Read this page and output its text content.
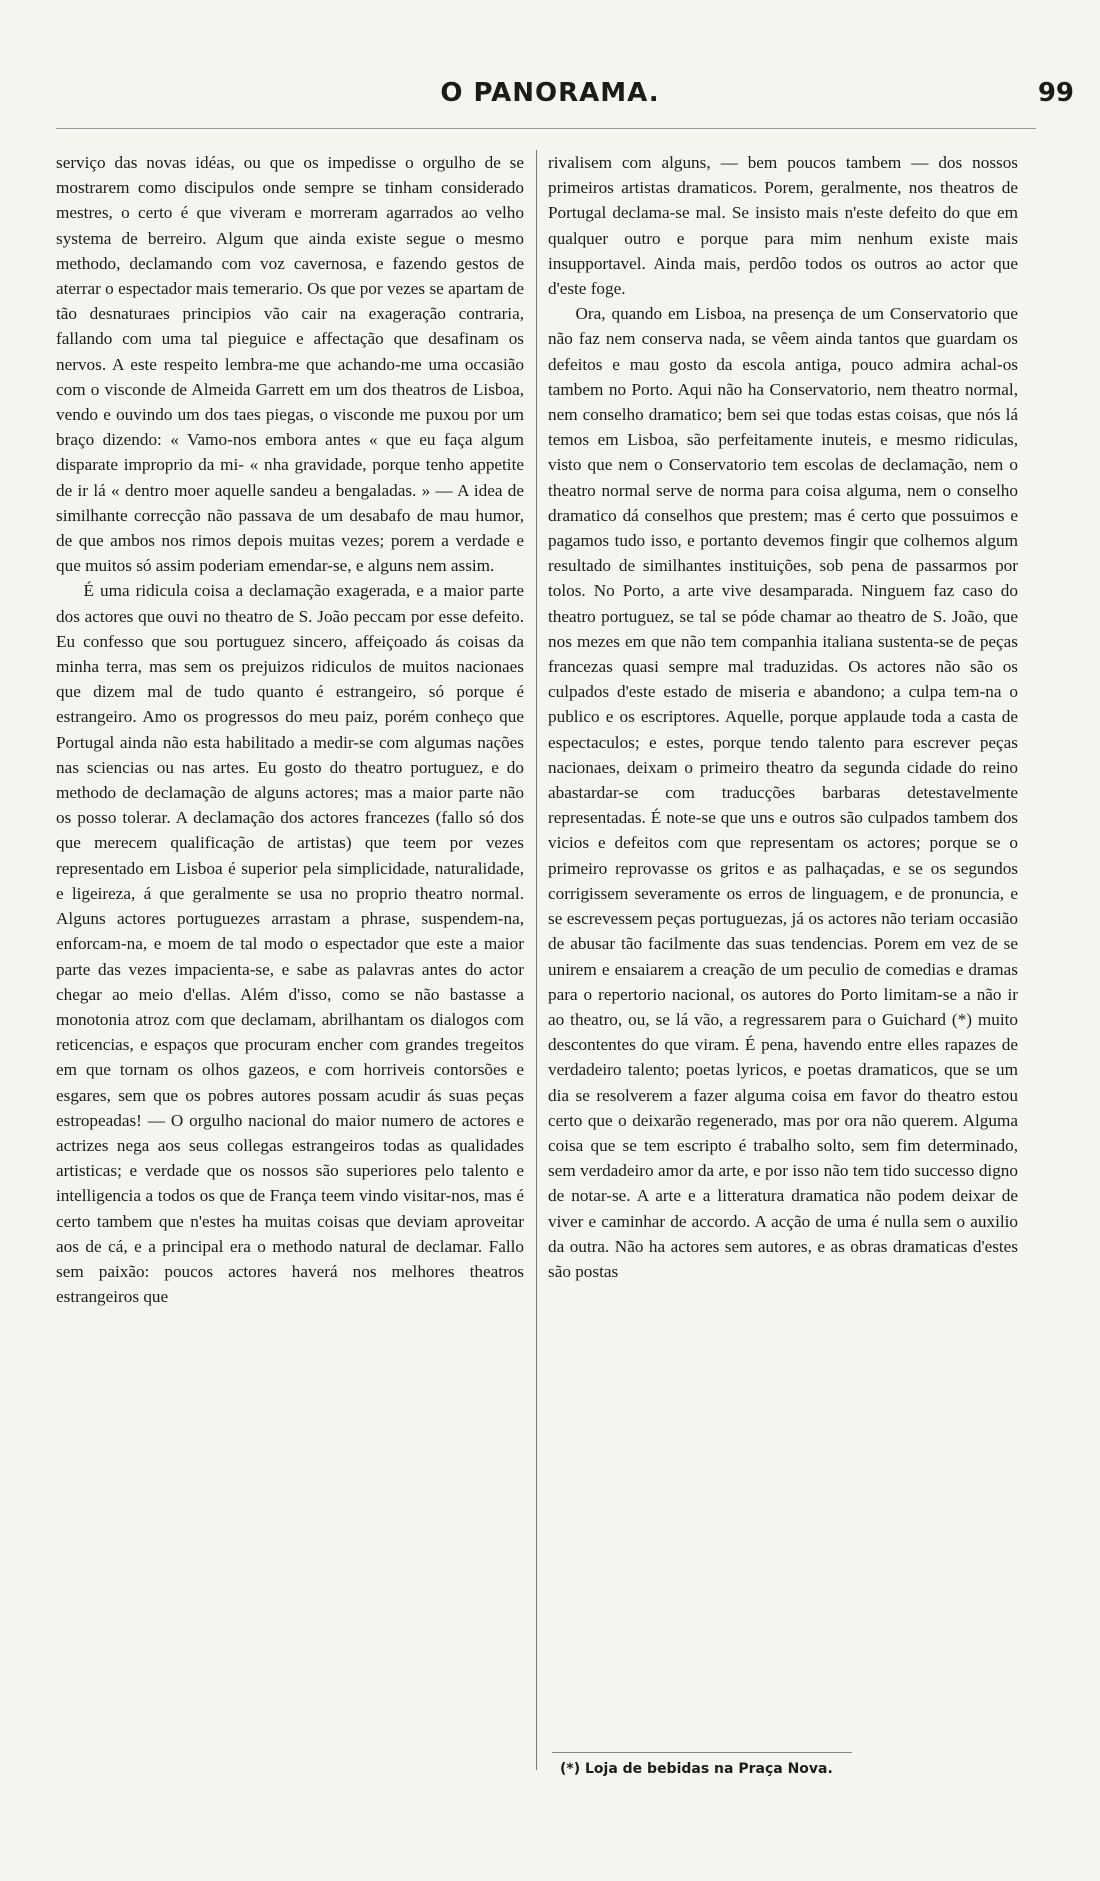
O PANORAMA.	99

serviço das novas idéas, ou que os impedisse o orgulho de se mostrarem como discipulos onde sempre se tinham considerado mestres, o certo é que viveram e morreram agarrados ao velho systema de berreiro. Algum que ainda existe segue o mesmo methodo, declamando com voz cavernosa, e fazendo gestos de aterrar o espectador mais temerario. Os que por vezes se apartam de tão desnaturaes principios vão cair na exageração contraria, fallando com uma tal pieguice e affectação que desafinam os nervos. A este respeito lembra-me que achando-me uma occasião com o visconde de Almeida Garrett em um dos theatros de Lisboa, vendo e ouvindo um dos taes piegas, o visconde me puxou por um braço dizendo: « Vamo-nos embora antes « que eu faça algum disparate improprio da mi- « nha gravidade, porque tenho appetite de ir lá « dentro moer aquelle sandeu a bengaladas. » — A idea de similhante correcção não passava de um desabafo de mau humor, de que ambos nos rimos depois muitas vezes; porem a verdade e que muitos só assim poderiam emendar-se, e alguns nem assim.

É uma ridicula coisa a declamação exagerada, e a maior parte dos actores que ouvi no theatro de S. João peccam por esse defeito. Eu confesso que sou portuguez sincero, affeiçoado ás coisas da minha terra, mas sem os prejuizos ridiculos de muitos nacionaes que dizem mal de tudo quanto é estrangeiro, só porque é estrangeiro. Amo os progressos do meu paiz, porém conheço que Portugal ainda não esta habilitado a medir-se com algumas nações nas sciencias ou nas artes. Eu gosto do theatro portuguez, e do methodo de declamação de alguns actores; mas a maior parte não os posso tolerar. A declamação dos actores francezes (fallo só dos que merecem qualificação de artistas) que teem por vezes representado em Lisboa é superior pela simplicidade, naturalidade, e ligeireza, á que geralmente se usa no proprio theatro normal. Alguns actores portuguezes arrastam a phrase, suspendem-na, enforcam-na, e moem de tal modo o espectador que este a maior parte das vezes impacienta-se, e sabe as palavras antes do actor chegar ao meio d'ellas. Além d'isso, como se não bastasse a monotonia atroz com que declamam, abrilhantam os dialogos com reticencias, e espaços que procuram encher com grandes tregeitos em que tornam os olhos gazeos, e com horriveis contorsões e esgares, sem que os pobres autores possam acudir ás suas peças estropeadas! — O orgulho nacional do maior numero de actores e actrizes nega aos seus collegas estrangeiros todas as qualidades artisticas; e verdade que os nossos são superiores pelo talento e intelligencia a todos os que de França teem vindo visitar-nos, mas é certo tambem que n'estes ha muitas coisas que deviam aproveitar aos de cá, e a principal era o methodo natural de declamar. Fallo sem paixão: poucos actores haverá nos melhores theatros estrangeiros que

rivalisem com alguns, — bem poucos tambem — dos nossos primeiros artistas dramaticos. Porem, geralmente, nos theatros de Portugal declama-se mal. Se insisto mais n'este defeito do que em qualquer outro e porque para mim nenhum existe mais insupportavel. Ainda mais, perdôo todos os outros ao actor que d'este foge.

Ora, quando em Lisboa, na presença de um Conservatorio que não faz nem conserva nada, se vêem ainda tantos que guardam os defeitos e mau gosto da escola antiga, pouco admira achal-os tambem no Porto. Aqui não ha Conservatorio, nem theatro normal, nem conselho dramatico; bem sei que todas estas coisas, que nós lá temos em Lisboa, são perfeitamente inuteis, e mesmo ridiculas, visto que nem o Conservatorio tem escolas de declamação, nem o theatro normal serve de norma para coisa alguma, nem o conselho dramatico dá conselhos que prestem; mas é certo que possuimos e pagamos tudo isso, e portanto devemos fingir que colhemos algum resultado de similhantes instituições, sob pena de passarmos por tolos. No Porto, a arte vive desamparada. Ninguem faz caso do theatro portuguez, se tal se póde chamar ao theatro de S. João, que nos mezes em que não tem companhia italiana sustenta-se de peças francezas quasi sempre mal traduzidas. Os actores não são os culpados d'este estado de miseria e abandono; a culpa tem-na o publico e os escriptores. Aquelle, porque applaude toda a casta de espectaculos; e estes, porque tendo talento para escrever peças nacionaes, deixam o primeiro theatro da segunda cidade do reino abastardar-se com traducções barbaras detestavelmente representadas. É note-se que uns e outros são culpados tambem dos vicios e defeitos com que representam os actores; porque se o primeiro reprovasse os gritos e as palhaçadas, e se os segundos corrigissem severamente os erros de linguagem, e de pronuncia, e se escrevessem peças portuguezas, já os actores não teriam occasião de abusar tão facilmente das suas tendencias. Porem em vez de se unirem e ensaiarem a creação de um peculio de comedias e dramas para o repertorio nacional, os autores do Porto limitam-se a não ir ao theatro, ou, se lá vão, a regressarem para o Guichard (*) muito descontentes do que viram. É pena, havendo entre elles rapazes de verdadeiro talento; poetas lyricos, e poetas dramaticos, que se um dia se resolverem a fazer alguma coisa em favor do theatro estou certo que o deixarão regenerado, mas por ora não querem. Alguma coisa que se tem escripto é trabalho solto, sem fim determinado, sem verdadeiro amor da arte, e por isso não tem tido successo digno de notar-se. A arte e a litteratura dramatica não podem deixar de viver e caminhar de accordo. A acção de uma é nulla sem o auxilio da outra. Não ha actores sem autores, e as obras dramaticas d'estes são postas

(*) Loja de bebidas na Praça Nova.
